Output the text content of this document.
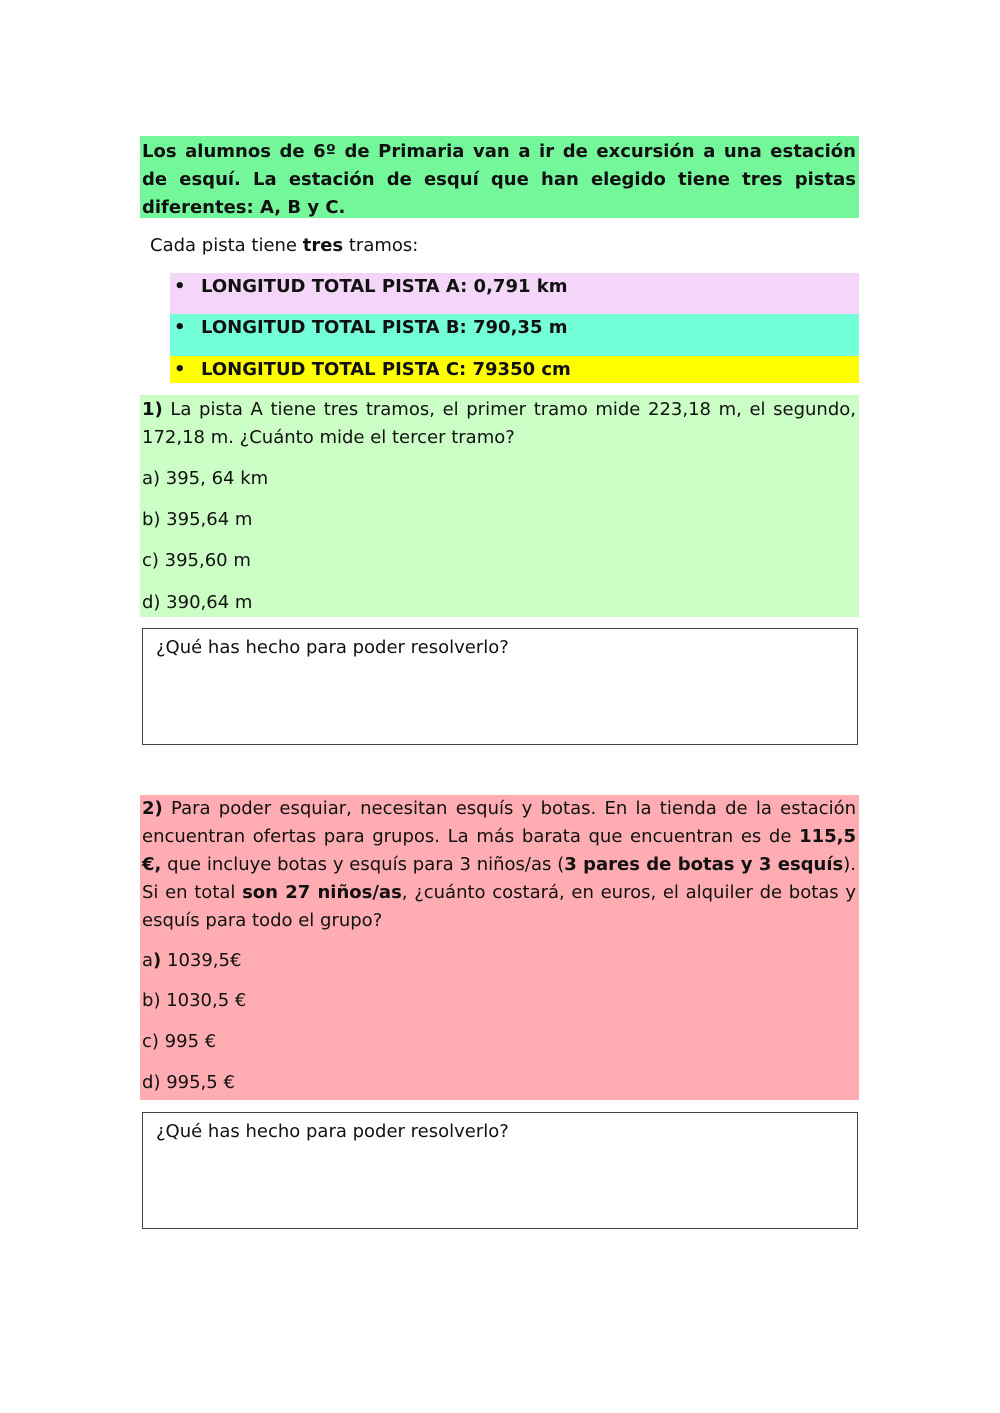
Los alumnos de 6º de Primaria van a ir de excursión a una estación de esquí. La estación de esquí que han elegido tiene tres pistas diferentes: A, B y C.
Cada pista tiene tres tramos:
• LONGITUD TOTAL PISTA A: 0,791 km
• LONGITUD TOTAL PISTA B: 790,35 m
• LONGITUD TOTAL PISTA C: 79350 cm
1) La pista A tiene tres tramos, el primer tramo mide 223,18 m, el segundo, 172,18 m. ¿Cuánto mide el tercer tramo?
a) 395, 64 km
b) 395,64 m
c) 395,60 m
d) 390,64 m
¿Qué has hecho para poder resolverlo?
2) Para poder esquiar, necesitan esquís y botas. En la tienda de la estación encuentran ofertas para grupos. La más barata que encuentran es de 115,5 €, que incluye botas y esquís para 3 niños/as (3 pares de botas y 3 esquís). Si en total son 27 niños/as, ¿cuánto costará, en euros, el alquiler de botas y esquís para todo el grupo?
a) 1039,5€
b) 1030,5 €
c) 995 €
d) 995,5 €
¿Qué has hecho para poder resolverlo?
